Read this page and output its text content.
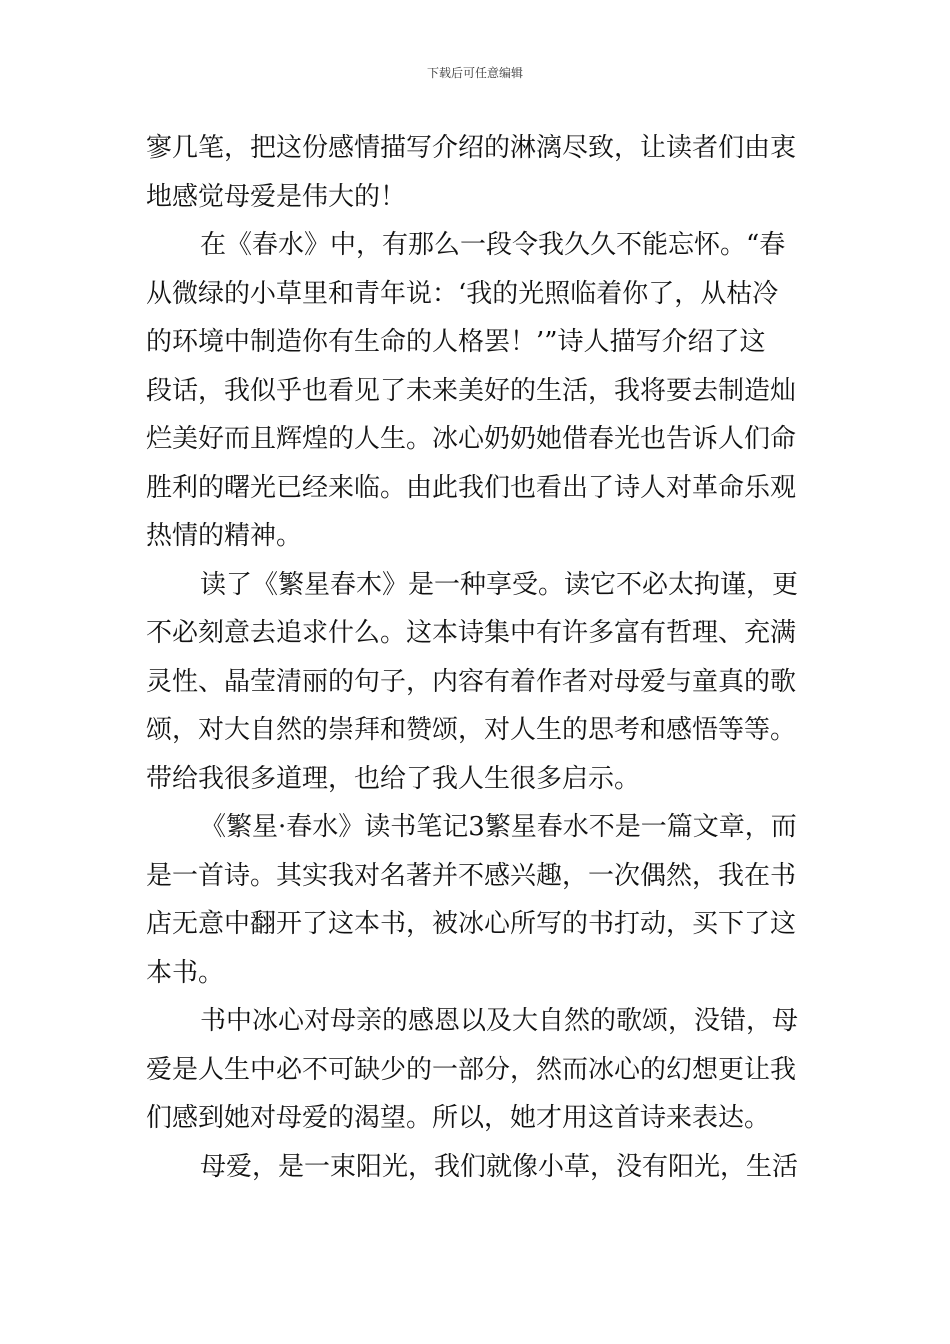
下载后可任意编辑
寥几笔，把这份感情描写介绍的淋漓尽致，让读者们由衷
地感觉母爱是伟大的！
在《春水》中，有那么一段令我久久不能忘怀。“春
从微绿的小草里和青年说：‘我的光照临着你了，从枯冷
的环境中制造你有生命的人格罢！’”诗人描写介绍了这
段话，我似乎也看见了未来美好的生活，我将要去制造灿
烂美好而且辉煌的人生。冰心奶奶她借春光也告诉人们命
胜利的曙光已经来临。由此我们也看出了诗人对革命乐观
热情的精神。
读了《繁星春木》是一种享受。读它不必太拘谨，更
不必刻意去追求什么。这本诗集中有许多富有哲理、充满
灵性、晶莹清丽的句子，内容有着作者对母爱与童真的歌
颂，对大自然的崇拜和赞颂，对人生的思考和感悟等等。
带给我很多道理，也给了我人生很多启示。
《繁星·春水》读书笔记3繁星春水不是一篇文章，而
是一首诗。其实我对名著并不感兴趣，一次偶然，我在书
店无意中翻开了这本书，被冰心所写的书打动，买下了这
本书。
书中冰心对母亲的感恩以及大自然的歌颂，没错，母
爱是人生中必不可缺少的一部分，然而冰心的幻想更让我
们感到她对母爱的渴望。所以，她才用这首诗来表达。
母爱，是一束阳光，我们就像小草，没有阳光，生活
